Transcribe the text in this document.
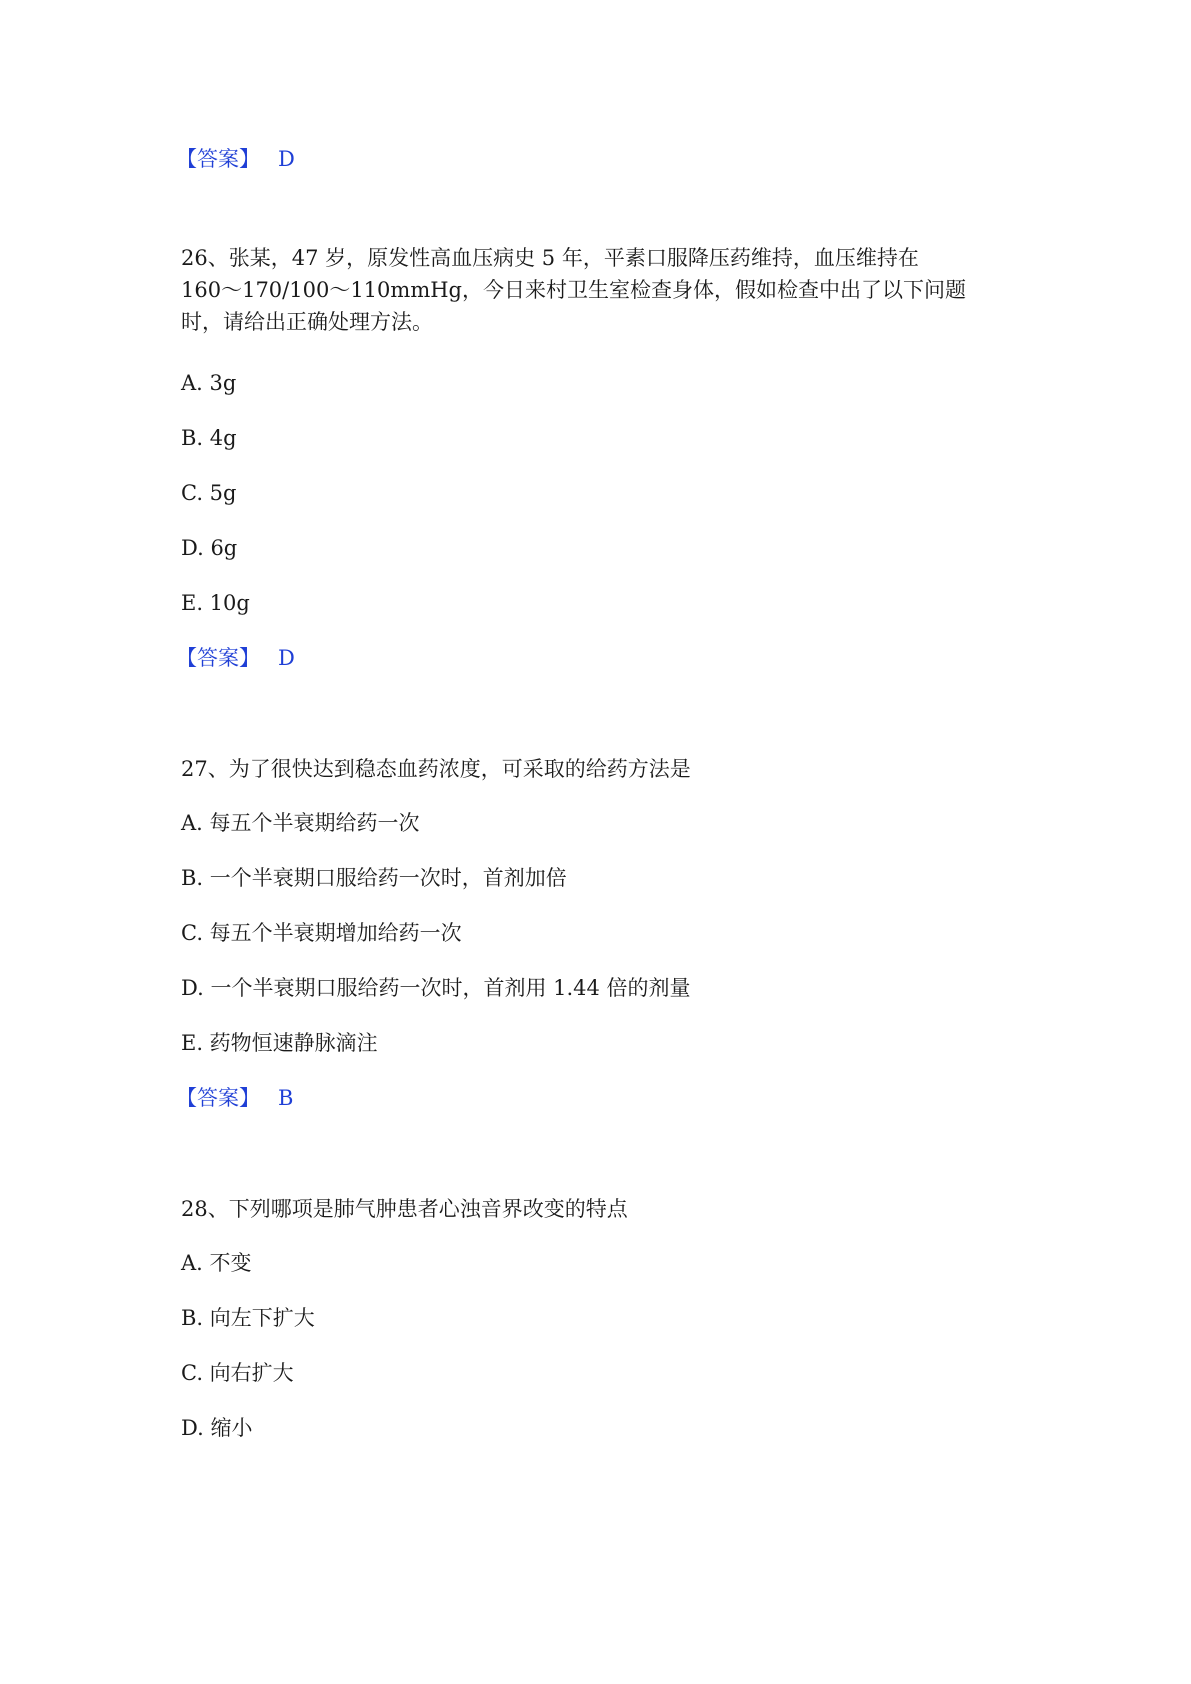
【答案】 D
26、张某，47 岁，原发性高血压病史 5 年，平素口服降压药维持，血压维持在
160～170/100～110mmHg，今日来村卫生室检查身体，假如检查中出了以下问题
时，请给出正确处理方法。
A. 3g
B. 4g
C. 5g
D. 6g
E. 10g
【答案】 D
27、为了很快达到稳态血药浓度，可采取的给药方法是
A. 每五个半衰期给药一次
B. 一个半衰期口服给药一次时，首剂加倍
C. 每五个半衰期增加给药一次
D. 一个半衰期口服给药一次时，首剂用 1.44 倍的剂量
E. 药物恒速静脉滴注
【答案】 B
28、下列哪项是肺气肿患者心浊音界改变的特点
A. 不变
B. 向左下扩大
C. 向右扩大
D. 缩小
